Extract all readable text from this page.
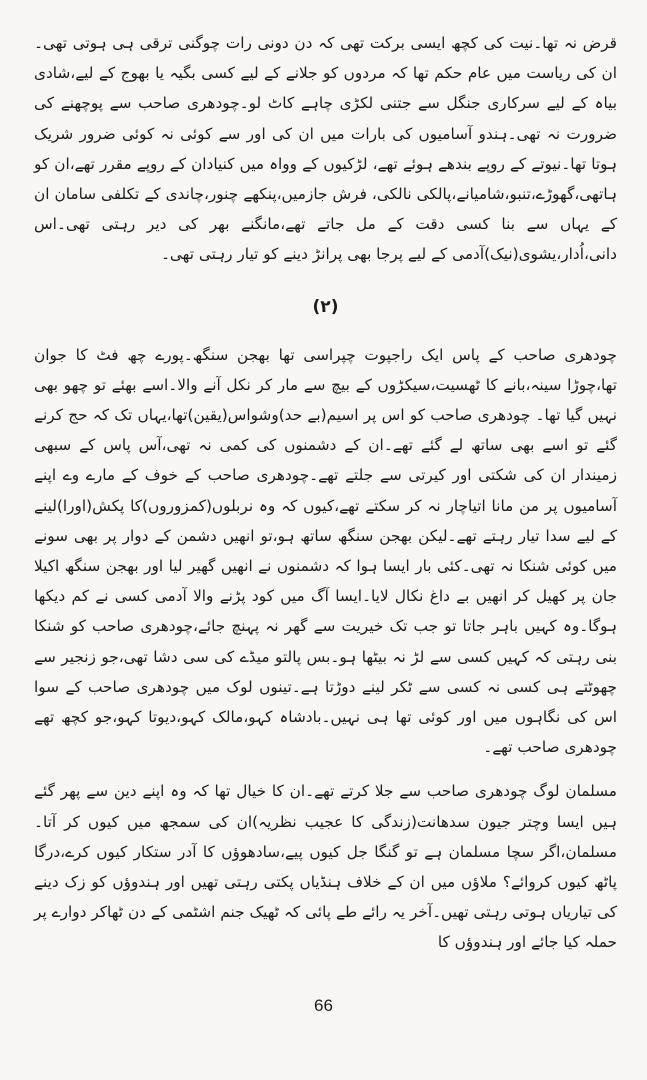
قرض نہ تھا۔نیت کی کچھ ایسی برکت تھی کہ دن دونی رات چوگنی ترقی ہی ہوتی تھی۔ان کی ریاست میں عام حکم تھا کہ مردوں کو جلانے کے لیے کسی بگیہ یا بھوج کے لیے،شادی بیاہ کے لیے سرکاری جنگل سے جتنی لکڑی چاہے کاٹ لو۔چودھری صاحب سے پوچھنے کی ضرورت نہ تھی۔ہندو آسامیوں کی بارات میں ان کی اور سے کوئی نہ کوئی ضرور شریک ہوتا تھا۔نیوتے کے روپے بندھے ہوئے تھے، لڑکیوں کے وواہ میں کنیادان کے روپے مقرر تھے،ان کو ہاتھی،گھوڑے،تنبو،شامیانے،پالکی نالکی، فرش جازمیں،پنکھے چنور،چاندی کے تکلفی سامان ان کے یہاں سے بنا کسی دقت کے مل جاتے تھے،مانگنے بھر کی دیر رہتی تھی۔اس دانی،اُدار،یشوی(نیک)آدمی کے لیے پرجا بھی پرانڑ دینے کو تیار رہتی تھی۔

(۲)

چودھری صاحب کے پاس ایک راجپوت چپراسی تھا بھجن سنگھ۔پورے چھ فٹ کا جوان تھا،چوڑا سینہ،بانے کا ٹھسیت،سیکڑوں کے بیچ سے مار کر نکل آنے والا۔اسے بھئے تو چھو بھی نہیں گیا تھا۔ چودھری صاحب کو اس پر اسیم(بے حد)وشواس(یقین)تھا،یہاں تک کہ حج کرنے گئے تو اسے بھی ساتھ لے گئے تھے۔ان کے دشمنوں کی کمی نہ تھی،آس پاس کے سبھی زمیندار ان کی شکتی اور کیرتی سے جلتے تھے۔چودھری صاحب کے خوف کے مارے وے اپنے آسامیوں پر من مانا اتیاچار نہ کر سکتے تھے،کیوں کہ وہ نربلوں(کمزوروں)کا پکش(اورا)لینے کے لیے سدا تیار رہتے تھے۔لیکن بھجن سنگھ ساتھ ہو،تو انھیں دشمن کے دوار پر بھی سونے میں کوئی شنکا نہ تھی۔کئی بار ایسا ہوا کہ دشمنوں نے انھیں گھیر لیا اور بھجن سنگھ اکیلا جان پر کھیل کر انھیں بے داغ نکال لایا۔ایسا آگ میں کود پڑنے والا آدمی کسی نے کم دیکھا ہوگا۔وہ کہیں باہر جاتا تو جب تک خیریت سے گھر نہ پہنچ جائے،چودھری صاحب کو شنکا بنی رہتی کہ کہیں کسی سے لڑ نہ بیٹھا ہو۔بس پالتو میڈے کی سی دشا تھی،جو زنجیر سے چھوٹتے ہی کسی نہ کسی سے ٹکر لینے دوڑتا ہے۔تینوں لوک میں چودھری صاحب کے سوا اس کی نگاہوں میں اور کوئی تھا ہی نہیں۔بادشاہ کہو،مالک کہو،دیوتا کہو،جو کچھ تھے چودھری صاحب تھے۔

مسلمان لوگ چودھری صاحب سے جلا کرتے تھے۔ان کا خیال تھا کہ وہ اپنے دین سے پھر گئے ہیں ایسا وچتر جیون سدھانت(زندگی کا عجیب نظریہ)ان کی سمجھ میں کیوں کر آتا۔مسلمان،اگر سچا مسلمان ہے تو گنگا جل کیوں پیے،سادھوؤں کا آدر ستکار کیوں کرے،درگا پاٹھ کیوں کروائے؟ ملاؤں میں ان کے خلاف ہنڈیاں پکتی رہتی تھیں اور ہندوؤں کو زک دینے کی تیاریاں ہوتی رہتی تھیں۔آخر یہ رائے طے پائی کہ ٹھیک جنم اشٹمی کے دن ٹھاکر دوارے پر حملہ کیا جائے اور ہندوؤں کا

66
